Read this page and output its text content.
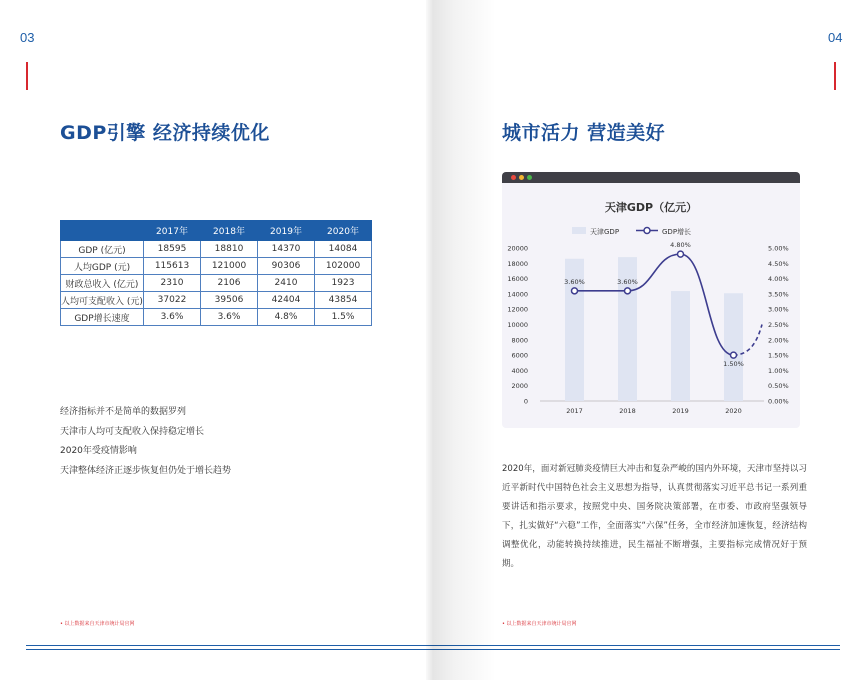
03
GDP引擎 经济持续优化
	2017年	2018年	2019年	2020年
GDP (亿元)	18595	18810	14370	14084
人均GDP (元)	115613	121000	90306	102000
财政总收入 (亿元)	2310	2106	2410	1923
人均可支配收入 (元)	37022	39506	42404	43854
GDP增长速度	3.6%	3.6%	4.8%	1.5%
经济指标并不是简单的数据罗列
天津市人均可支配收入保持稳定增长
2020年受疫情影响
天津整体经济正逐步恢复但仍处于增长趋势
• 以上数据来自天津市统计局官网
04
城市活力 营造美好
天津GDP（亿元）
天津GDP	GDP增长
0
2000
4000
6000
8000
10000
12000
14000
16000
18000
20000
0.00%
0.50%
1.00%
1.50%
2.00%
2.50%
3.00%
3.50%
4.00%
4.50%
5.00%
2017	2018	2019	2020
3.60%	3.60%
4.80%
1.50%
2020年，面对新冠肺炎疫情巨大冲击和复杂严峻的国内外环境，天津市坚持以习近平新时代中国特色社会主义思想为指导，认真贯彻落实习近平总书记一系列重要讲话和指示要求，按照党中央、国务院决策部署，在市委、市政府坚强领导下，扎实做好“六稳”工作，全面落实“六保”任务，全市经济加速恢复，经济结构调整优化，动能转换持续推进，民生福祉不断增强，主要指标完成情况好于预期。
• 以上数据来自天津市统计局官网
